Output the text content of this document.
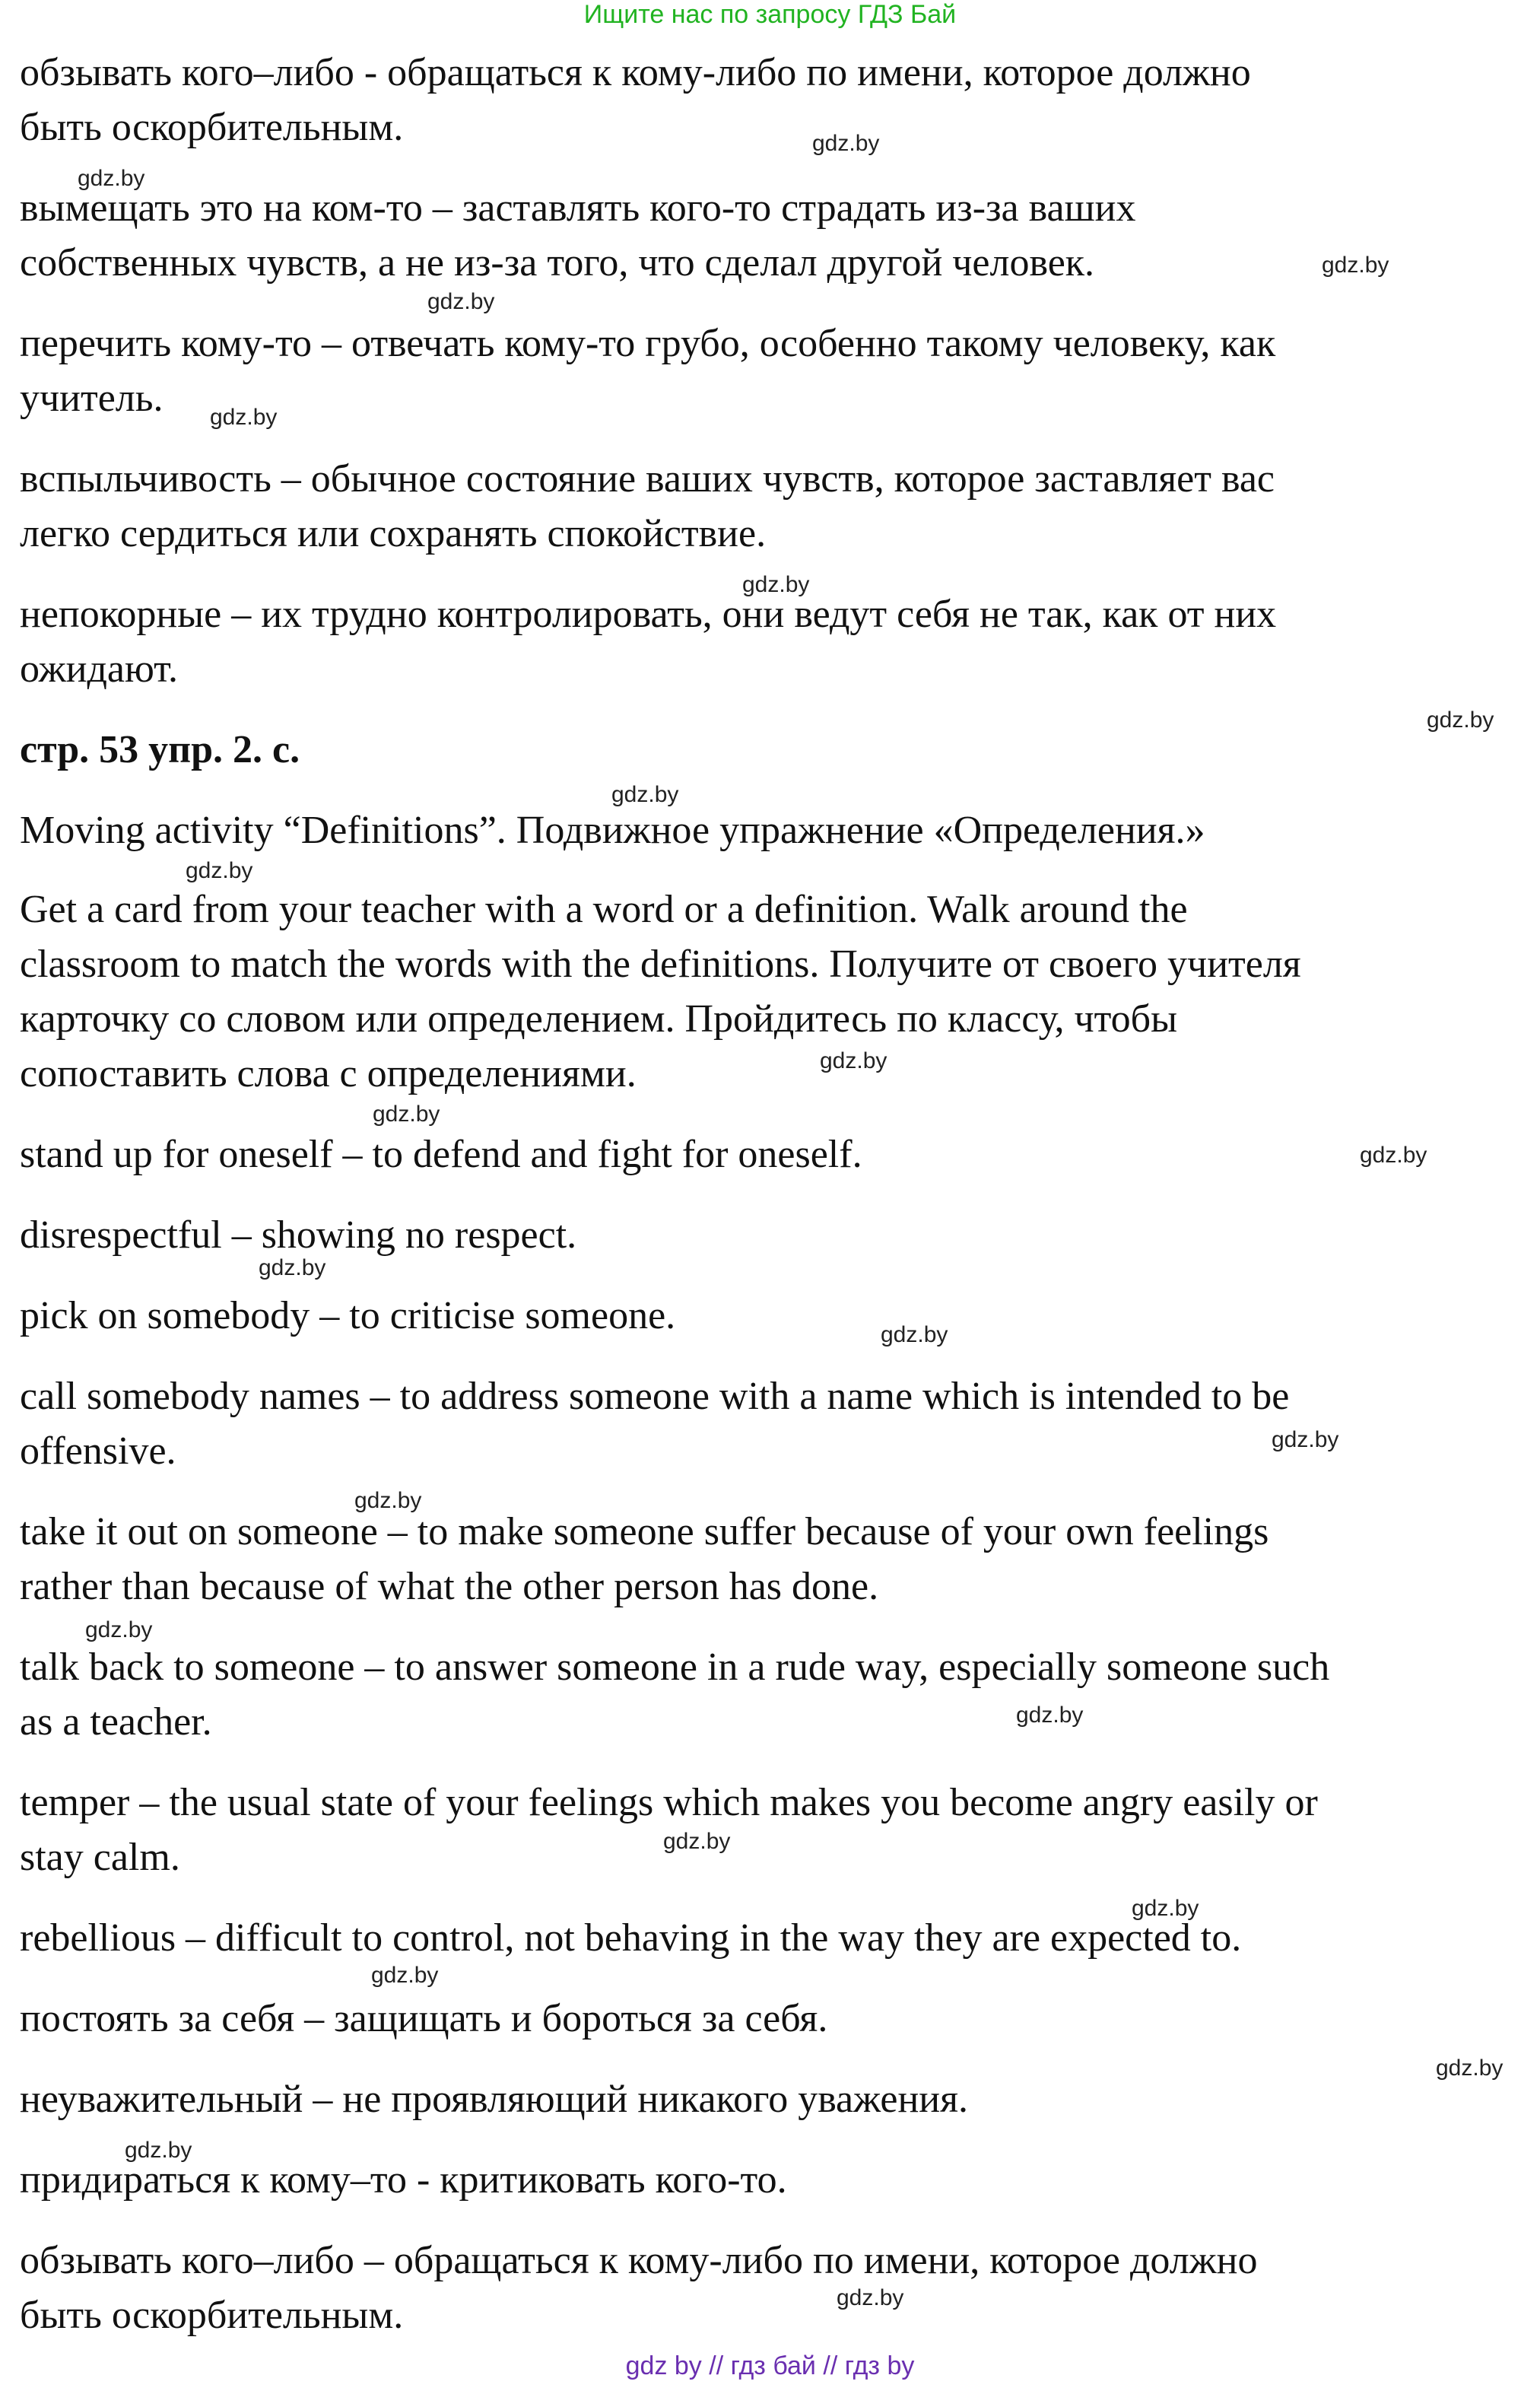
Ищите нас по запросу ГДЗ Бай
обзывать кого–либо - обращаться к кому-либо по имени, которое должно
быть оскорбительным.
вымещать это на ком-то – заставлять кого-то страдать из-за ваших
собственных чувств, а не из-за того, что сделал другой человек.
перечить кому-то – отвечать кому-то грубо, особенно такому человеку, как
учитель.
вспыльчивость – обычное состояние ваших чувств, которое заставляет вас
легко сердиться или сохранять спокойствие.
непокорные – их трудно контролировать, они ведут себя не так, как от них
ожидают.
стр. 53 упр. 2. с.
Moving activity “Definitions”. Подвижное упражнение «Определения.»
Get a card from your teacher with a word or a definition. Walk around the
classroom to match the words with the definitions. Получите от своего учителя
карточку со словом или определением. Пройдитесь по классу, чтобы
сопоставить слова с определениями.
stand up for oneself – to defend and fight for oneself.
disrespectful – showing no respect.
pick on somebody – to criticise someone.
call somebody names – to address someone with a name which is intended to be
offensive.
take it out on someone – to make someone suffer because of your own feelings
rather than because of what the other person has done.
talk back to someone – to answer someone in a rude way, especially someone such
as a teacher.
temper – the usual state of your feelings which makes you become angry easily or
stay calm.
rebellious – difficult to control, not behaving in the way they are expected to.
постоять за себя – защищать и бороться за себя.
неуважительный – не проявляющий никакого уважения.
придираться к кому–то - критиковать кого-то.
обзывать кого–либо – обращаться к кому-либо по имени, которое должно
быть оскорбительным.
gdz.by
gdz.by
gdz.by
gdz.by
gdz.by
gdz.by
gdz.by
gdz.by
gdz.by
gdz.by
gdz.by
gdz.by
gdz.by
gdz.by
gdz.by
gdz.by
gdz.by
gdz.by
gdz.by
gdz.by
gdz.by
gdz.by
gdz.by
gdz.by
gdz by // гдз бай // гдз by
